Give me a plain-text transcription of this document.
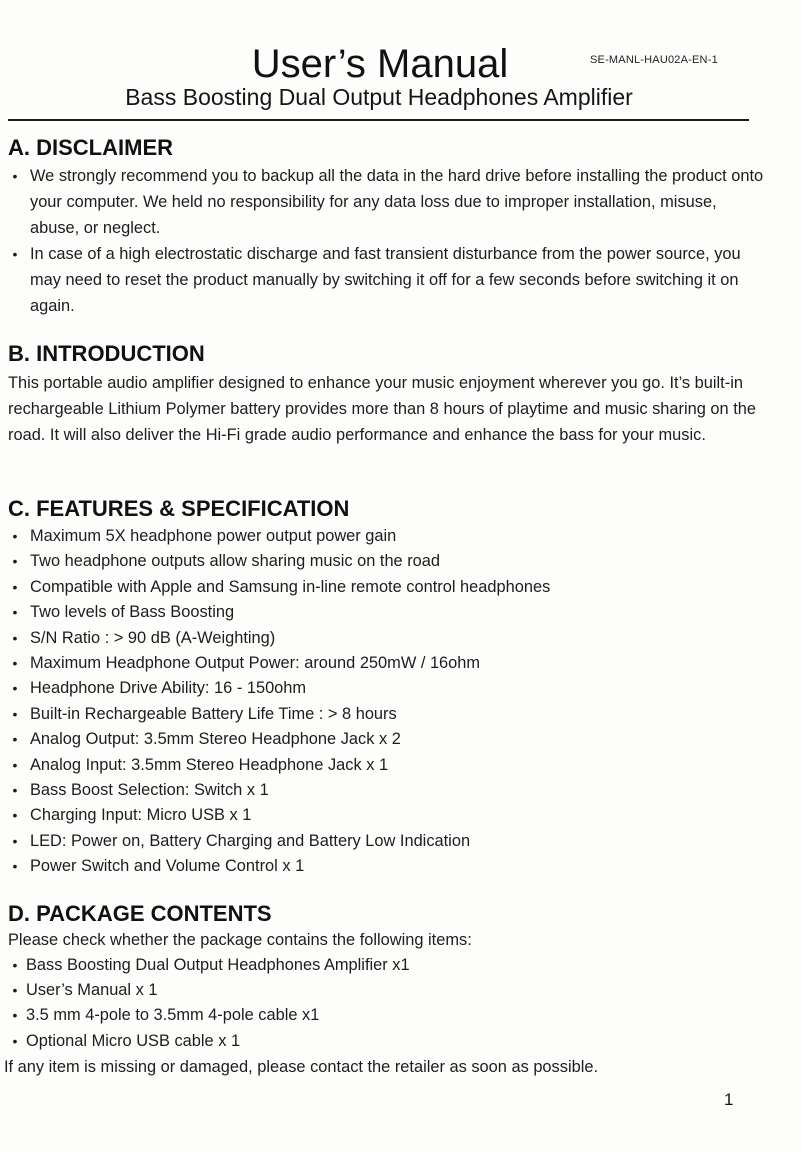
User’s Manual	SE-MANL-HAU02A-EN-1
Bass Boosting Dual Output Headphones Amplifier
A. DISCLAIMER
• We strongly recommend you to backup all the data in the hard drive before installing the product onto your computer. We held no responsibility for any data loss due to improper installation, misuse, abuse, or neglect.
• In case of a high electrostatic discharge and fast transient disturbance from the power source, you may need to reset the product manually by switching it off for a few seconds before switching it on again.
B. INTRODUCTION

This portable audio amplifier designed to enhance your music enjoyment wherever you go. It’s built-in rechargeable Lithium Polymer battery provides more than 8 hours of playtime and music sharing on the road. It will also deliver the Hi-Fi grade audio performance and enhance the bass for your music.

C. FEATURES & SPECIFICATION
• Maximum 5X headphone power output power gain
• Two headphone outputs allow sharing music on the road
• Compatible with Apple and Samsung in-line remote control headphones
• Two levels of Bass Boosting
• S/N Ratio : > 90 dB (A-Weighting)
• Maximum Headphone Output Power: around 250mW / 16ohm
• Headphone Drive Ability: 16 - 150ohm
• Built-in Rechargeable Battery Life Time : > 8 hours
• Analog Output: 3.5mm Stereo Headphone Jack x 2
• Analog Input: 3.5mm Stereo Headphone Jack x 1
• Bass Boost Selection: Switch x 1
• Charging Input: Micro USB x 1
• LED: Power on, Battery Charging and Battery Low Indication
• Power Switch and Volume Control x 1
D. PACKAGE CONTENTS

Please check whether the package contains the following items:

• Bass Boosting Dual Output Headphones Amplifier x1
• User’s Manual x 1
• 3.5 mm 4-pole to 3.5mm 4-pole cable x1
• Optional Micro USB cable x 1

If any item is missing or damaged, please contact the retailer as soon as possible.

1
